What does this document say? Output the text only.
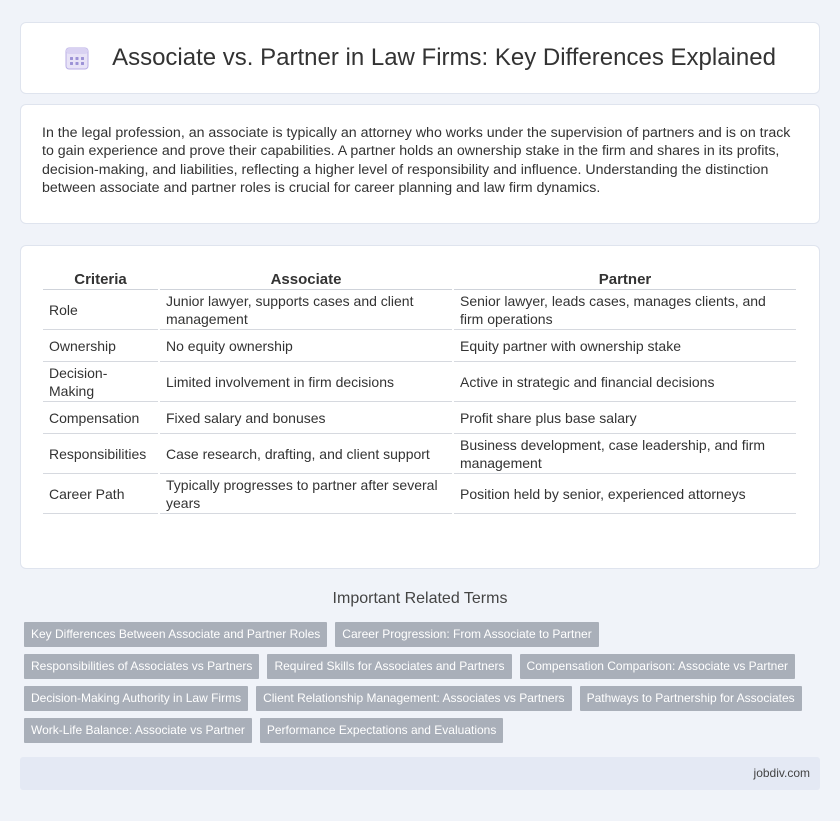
Associate vs. Partner in Law Firms: Key Differences Explained

In the legal profession, an associate is typically an attorney who works under the supervision of partners and is on track to gain experience and prove their capabilities. A partner holds an ownership stake in the firm and shares in its profits, decision-making, and liabilities, reflecting a higher level of responsibility and influence. Understanding the distinction between associate and partner roles is crucial for career planning and law firm dynamics.

Criteria	Associate	Partner
Role	Junior lawyer, supports cases and client management	Senior lawyer, leads cases, manages clients, and firm operations
Ownership	No equity ownership	Equity partner with ownership stake
Decision-Making	Limited involvement in firm decisions	Active in strategic and financial decisions
Compensation	Fixed salary and bonuses	Profit share plus base salary
Responsibilities	Case research, drafting, and client support	Business development, case leadership, and firm management
Career Path	Typically progresses to partner after several years	Position held by senior, experienced attorneys
Important Related Terms
Key Differences Between Associate and Partner Roles	Career Progression: From Associate to Partner
Responsibilities of Associates vs Partners	Required Skills for Associates and Partners	Compensation Comparison: Associate vs Partner
Decision-Making Authority in Law Firms	Client Relationship Management: Associates vs Partners	Pathways to Partnership for Associates
Work-Life Balance: Associate vs Partner	Performance Expectations and Evaluations
jobdiv.com
